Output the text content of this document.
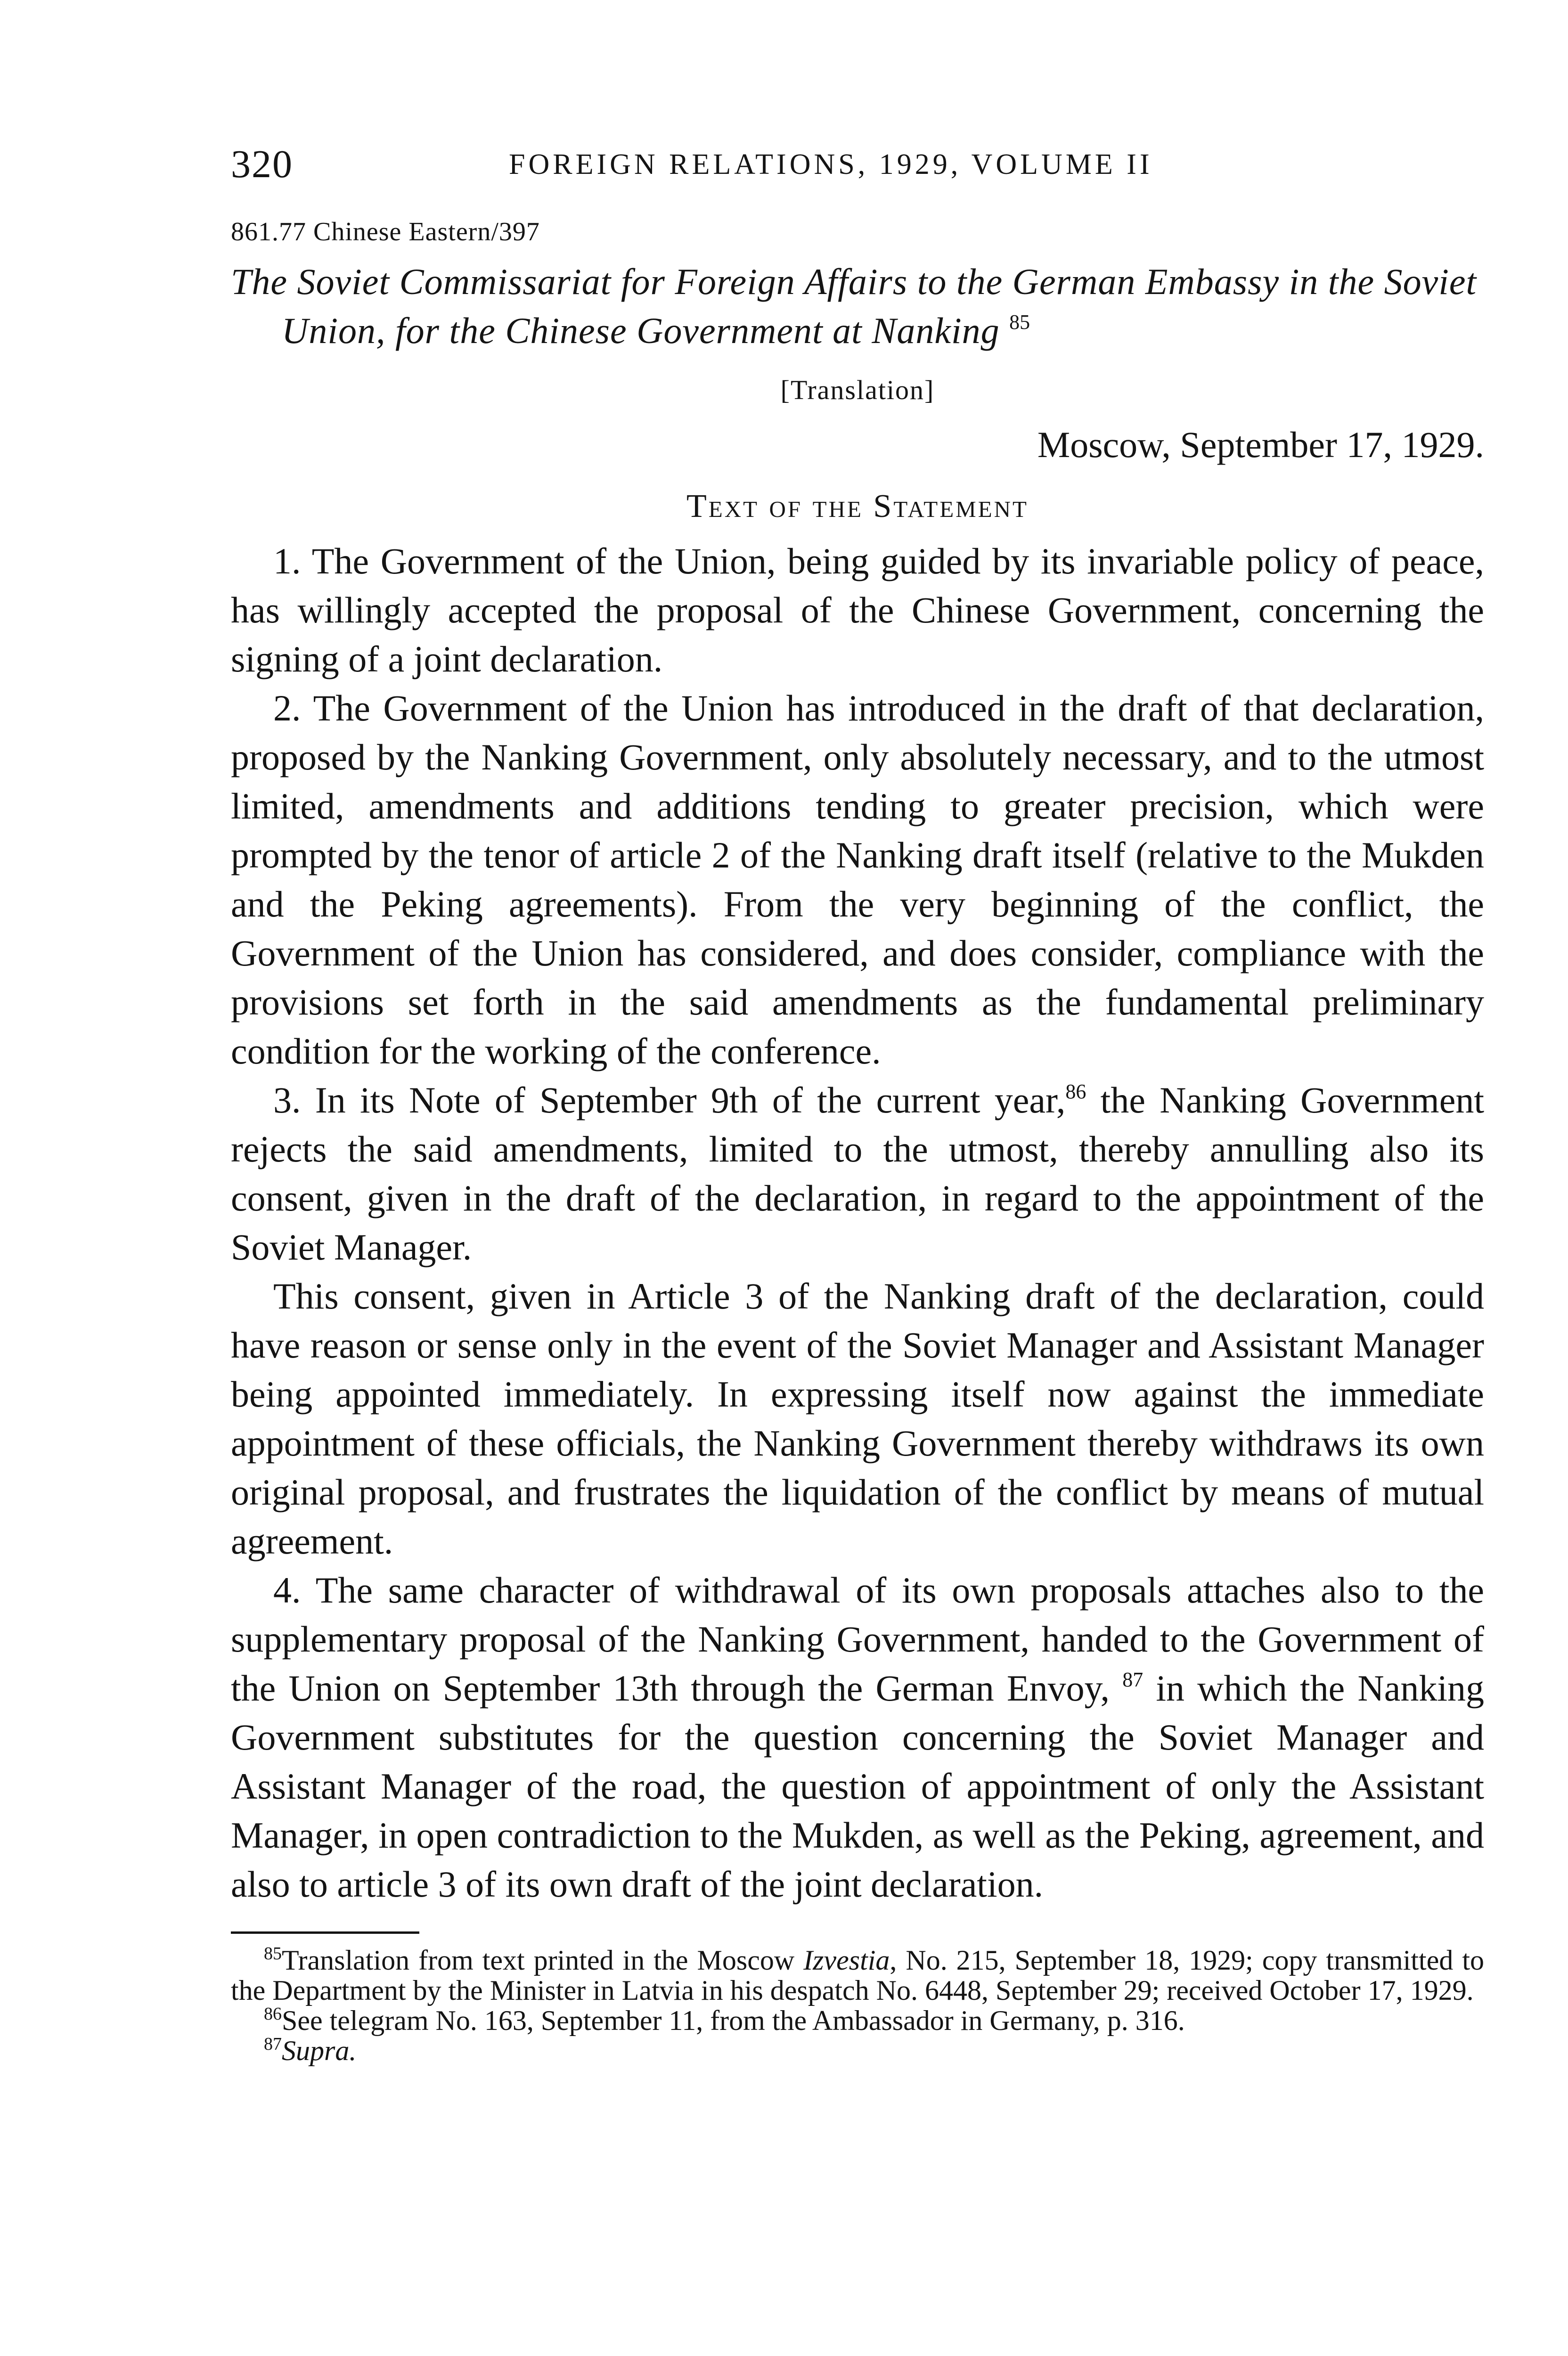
320	FOREIGN RELATIONS, 1929, VOLUME II
861.77 Chinese Eastern/397
The Soviet Commissariat for Foreign Affairs to the German Embassy in the Soviet Union, for the Chinese Government at Nanking $^{85}$
[Translation]
Moscow, September 17, 1929.
Text of the Statement

1. The Government of the Union, being guided by its invariable policy of peace, has willingly accepted the proposal of the Chinese Government, concerning the signing of a joint declaration.

2. The Government of the Union has introduced in the draft of that declaration, proposed by the Nanking Government, only absolutely necessary, and to the utmost limited, amendments and additions tending to greater precision, which were prompted by the tenor of article 2 of the Nanking draft itself (relative to the Mukden and the Peking agreements). From the very beginning of the conflict, the Government of the Union has considered, and does consider, compliance with the provisions set forth in the said amendments as the fundamental preliminary condition for the working of the conference.

3. In its Note of September 9th of the current year,$^{86}$ the Nanking Government rejects the said amendments, limited to the utmost, thereby annulling also its consent, given in the draft of the declaration, in regard to the appointment of the Soviet Manager.

This consent, given in Article 3 of the Nanking draft of the declaration, could have reason or sense only in the event of the Soviet Manager and Assistant Manager being appointed immediately. In expressing itself now against the immediate appointment of these officials, the Nanking Government thereby withdraws its own original proposal, and frustrates the liquidation of the conflict by means of mutual agreement.

4. The same character of withdrawal of its own proposals attaches also to the supplementary proposal of the Nanking Government, handed to the Government of the Union on September 13th through the German Envoy, $^{87}$ in which the Nanking Government substitutes for the question concerning the Soviet Manager and Assistant Manager of the road, the question of appointment of only the Assistant Manager, in open contradiction to the Mukden, as well as the Peking, agreement, and also to article 3 of its own draft of the joint declaration.

$^{85}$Translation from text printed in the Moscow Izvestia, No. 215, September 18, 1929; copy transmitted to the Department by the Minister in Latvia in his despatch No. 6448, September 29; received October 17, 1929.

$^{86}$See telegram No. 163, September 11, from the Ambassador in Germany, p. 316.

$^{87}$Supra.
